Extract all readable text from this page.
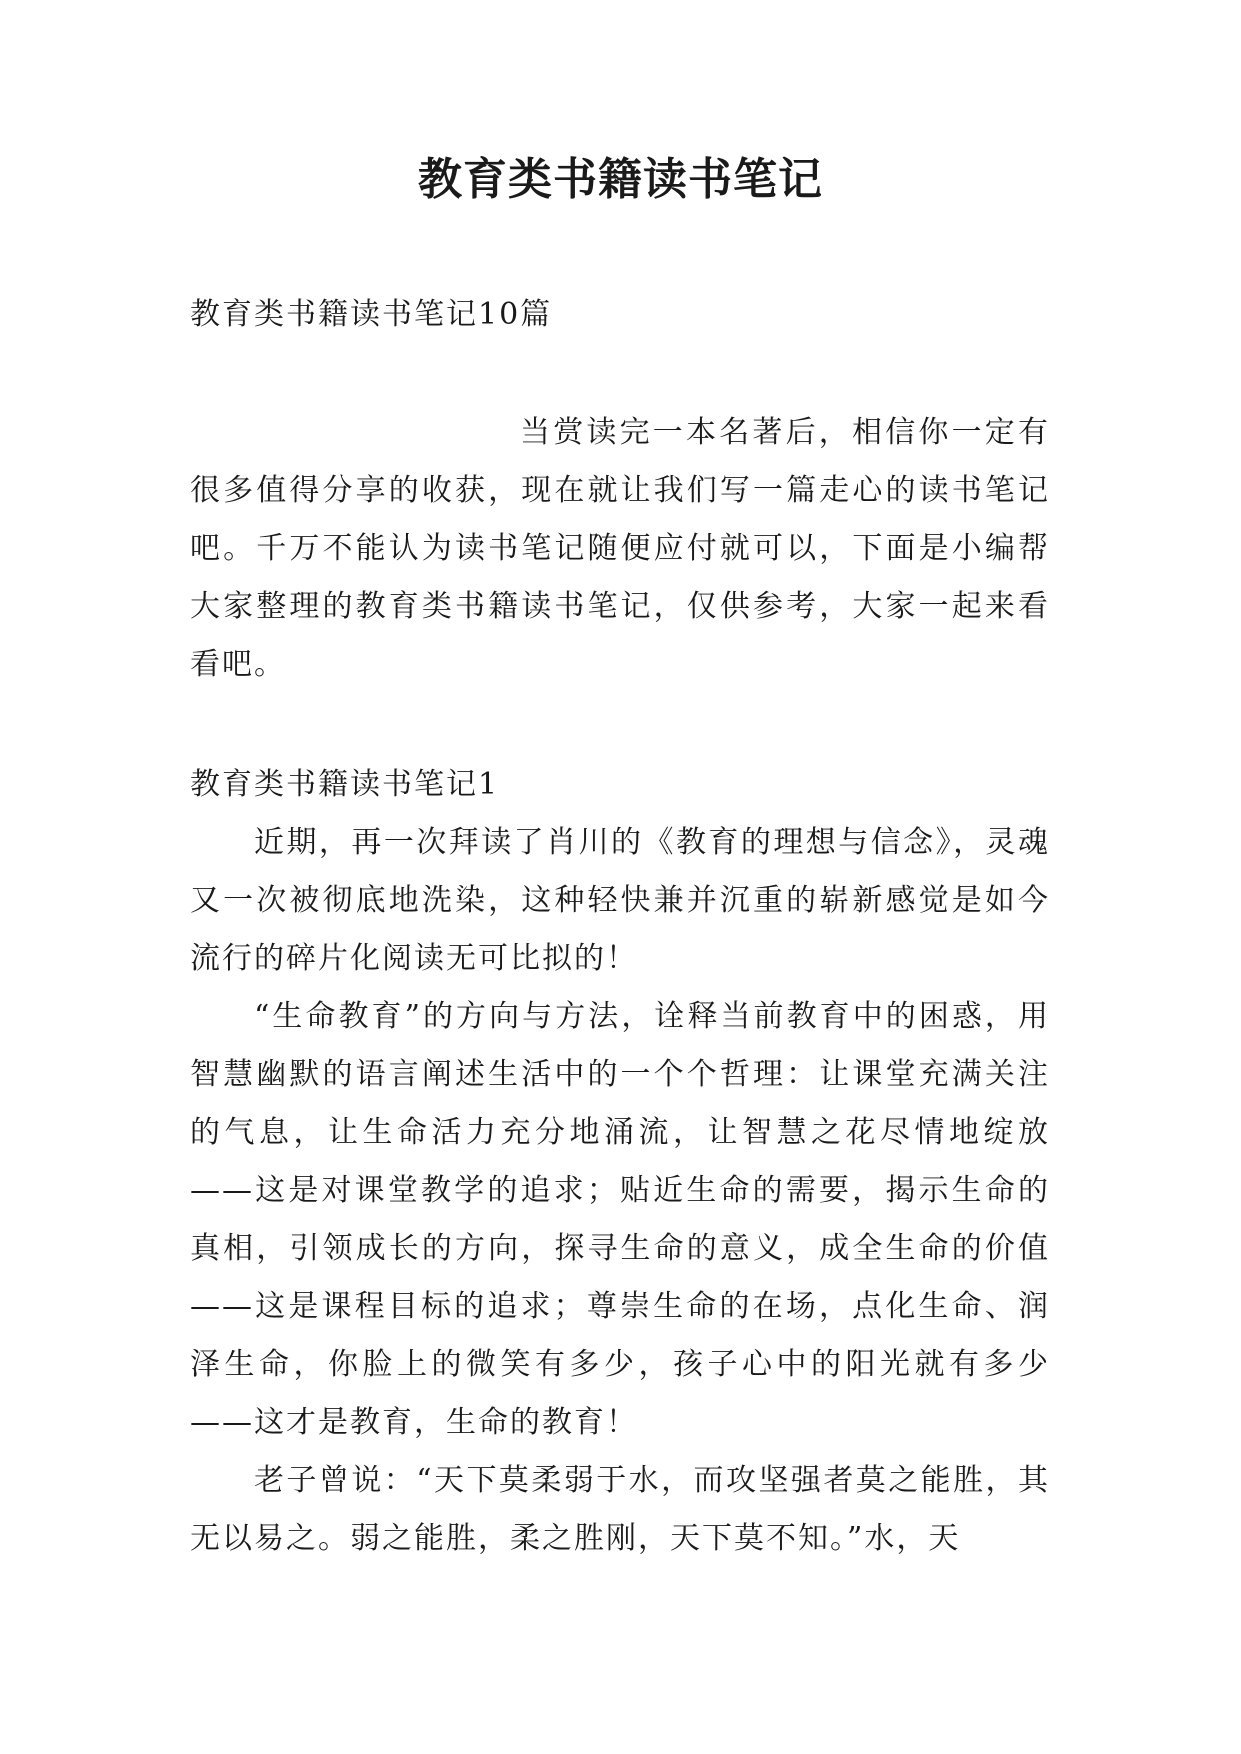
教育类书籍读书笔记

教育类书籍读书笔记10篇

当赏读完一本名著后，相信你一定有很多值得分享的收获，现在就让我们写一篇走心的读书笔记吧。千万不能认为读书笔记随便应付就可以，下面是小编帮大家整理的教育类书籍读书笔记，仅供参考，大家一起来看看吧。

教育类书籍读书笔记1

近期，再一次拜读了肖川的《教育的理想与信念》，灵魂又一次被彻底地洗染，这种轻快兼并沉重的崭新感觉是如今流行的碎片化阅读无可比拟的！

“生命教育”的方向与方法，诠释当前教育中的困惑，用智慧幽默的语言阐述生活中的一个个哲理：让课堂充满关注的气息，让生命活力充分地涌流，让智慧之花尽情地绽放——这是对课堂教学的追求；贴近生命的需要，揭示生命的真相，引领成长的方向，探寻生命的意义，成全生命的价值——这是课程目标的追求；尊崇生命的在场，点化生命、润泽生命，你脸上的微笑有多少，孩子心中的阳光就有多少——这才是教育，生命的教育！

老子曾说：“天下莫柔弱于水，而攻坚强者莫之能胜，其无以易之。弱之能胜，柔之胜刚，天下莫不知。”水，天
